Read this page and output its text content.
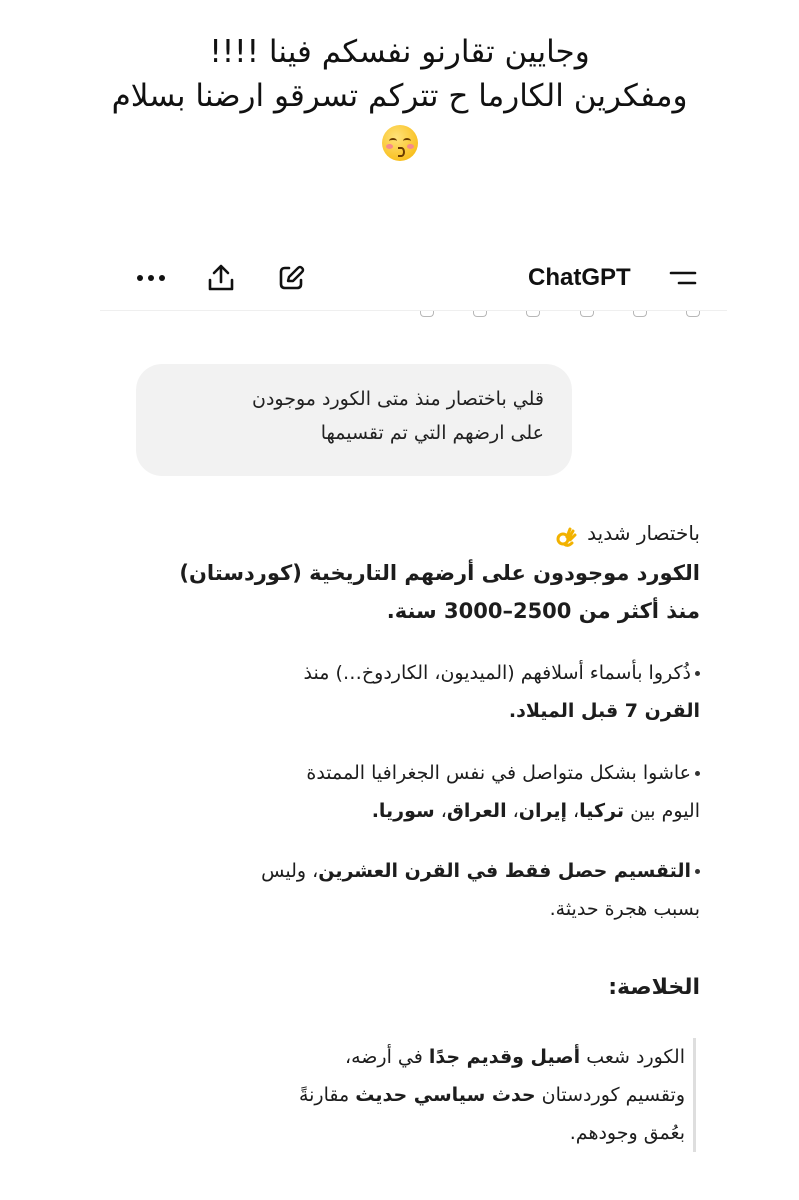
وجايين تقارنو نفسكم فينا !!!!
ومفكرين الكارما ح تتركم تسرقو ارضنا بسلام
ChatGPT
قلي باختصار منذ متى الكورد موجودن
على ارضهم التي تم تقسيمها
باختصار شديد
الكورد موجودون على أرضهم التاريخية (كوردستان)
منذ أكثر من 2500–3000 سنة.
ذُكروا بأسماء أسلافهم (الميديون، الكاردوخ…) منذ
القرن 7 قبل الميلاد.
عاشوا بشكل متواصل في نفس الجغرافيا الممتدة
اليوم بين تركيا، إيران، العراق، سوريا.
التقسيم حصل فقط في القرن العشرين، وليس
بسبب هجرة حديثة.
الخلاصة:
الكورد شعب أصيل وقديم جدًا في أرضه،
وتقسيم كوردستان حدث سياسي حديث مقارنةً
بعُمق وجودهم.
